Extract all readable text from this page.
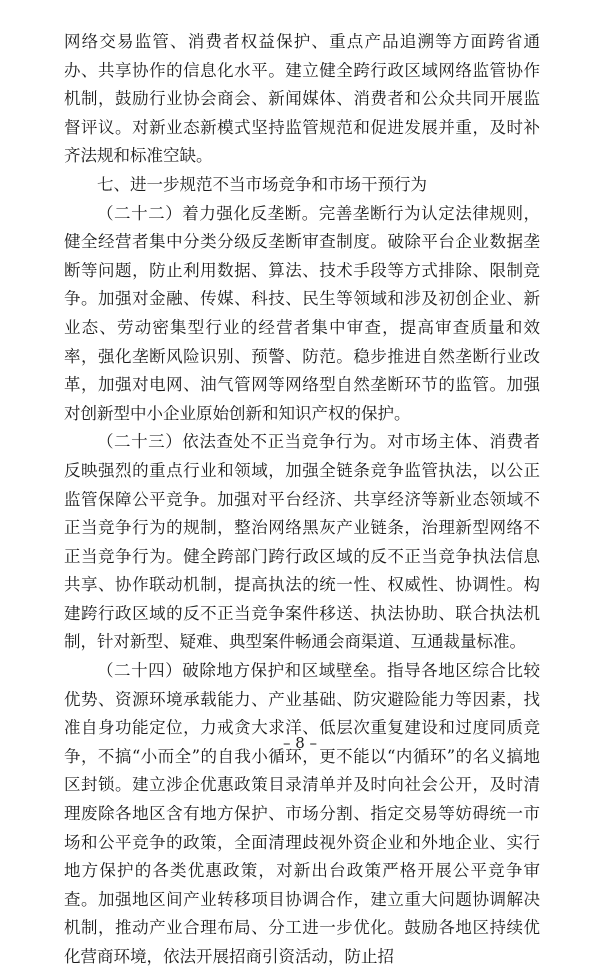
网络交易监管、消费者权益保护、重点产品追溯等方面跨省通办、共享协作的信息化水平。建立健全跨行政区域网络监管协作机制，鼓励行业协会商会、新闻媒体、消费者和公众共同开展监督评议。对新业态新模式坚持监管规范和促进发展并重，及时补齐法规和标准空缺。

七、进一步规范不当市场竞争和市场干预行为

（二十二）着力强化反垄断。完善垄断行为认定法律规则，健全经营者集中分类分级反垄断审查制度。破除平台企业数据垄断等问题，防止利用数据、算法、技术手段等方式排除、限制竞争。加强对金融、传媒、科技、民生等领域和涉及初创企业、新业态、劳动密集型行业的经营者集中审查，提高审查质量和效率，强化垄断风险识别、预警、防范。稳步推进自然垄断行业改革，加强对电网、油气管网等网络型自然垄断环节的监管。加强对创新型中小企业原始创新和知识产权的保护。

（二十三）依法查处不正当竞争行为。对市场主体、消费者反映强烈的重点行业和领域，加强全链条竞争监管执法，以公正监管保障公平竞争。加强对平台经济、共享经济等新业态领域不正当竞争行为的规制，整治网络黑灰产业链条，治理新型网络不正当竞争行为。健全跨部门跨行政区域的反不正当竞争执法信息共享、协作联动机制，提高执法的统一性、权威性、协调性。构建跨行政区域的反不正当竞争案件移送、执法协助、联合执法机制，针对新型、疑难、典型案件畅通会商渠道、互通裁量标准。

（二十四）破除地方保护和区域壁垒。指导各地区综合比较优势、资源环境承载能力、产业基础、防灾避险能力等因素，找准自身功能定位，力戒贪大求洋、低层次重复建设和过度同质竞争，不搞“小而全”的自我小循环，更不能以“内循环”的名义搞地区封锁。建立涉企优惠政策目录清单并及时向社会公开，及时清理废除各地区含有地方保护、市场分割、指定交易等妨碍统一市场和公平竞争的政策，全面清理歧视外资企业和外地企业、实行地方保护的各类优惠政策，对新出台政策严格开展公平竞争审查。加强地区间产业转移项目协调合作，建立重大问题协调解决机制，推动产业合理布局、分工进一步优化。鼓励各地区持续优化营商环境，依法开展招商引资活动，防止招

– 8 –
